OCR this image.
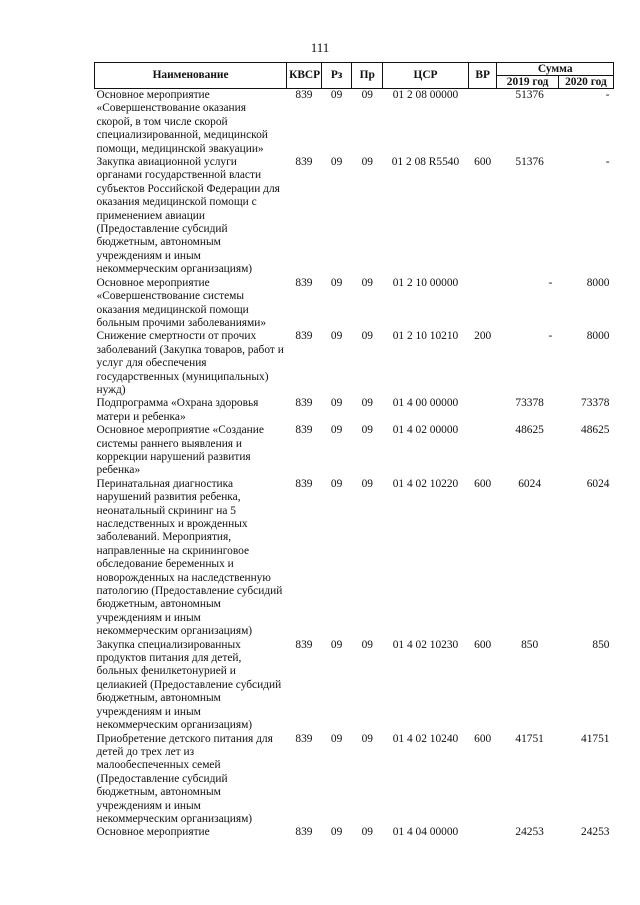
111
Наименование	КВСР	Рз	Пр	ЦСР	ВР	Сумма	
						2019 год	2020 год
Основное мероприятие «Совершенствование оказания скорой, в том числе скорой специализированной, медицинской помощи, медицинской эвакуации»	839	09	09	01 2 08 00000		51376	-
Закупка авиационной услуги органами государственной власти субъектов Российской Федерации для оказания медицинской помощи с применением авиации (Предоставление субсидий бюджетным, автономным учреждениям и иным некоммерческим организациям)	839	09	09	01 2 08 R5540	600	51376	-
Основное мероприятие «Совершенствование системы оказания медицинской помощи больным прочими заболеваниями»	839	09	09	01 2 10 00000		-	8000
Снижение смертности от прочих заболеваний (Закупка товаров, работ и услуг для обеспечения государственных (муниципальных) нужд)	839	09	09	01 2 10 10210	200	-	8000
Подпрограмма «Охрана здоровья матери и ребенка»	839	09	09	01 4 00 00000		73378	73378
Основное мероприятие «Создание системы раннего выявления и коррекции нарушений развития ребенка»	839	09	09	01 4 02 00000		48625	48625
Перинатальная диагностика нарушений развития ребенка, неонатальный скрининг на 5 наследственных и врожденных заболеваний. Мероприятия, направленные на скрининговое обследование беременных и новорожденных на наследственную патологию (Предоставление субсидий бюджетным, автономным учреждениям и иным некоммерческим организациям)	839	09	09	01 4 02 10220	600	6024	6024
Закупка специализированных продуктов питания для детей, больных фенилкетонурией и целиакией (Предоставление субсидий бюджетным, автономным учреждениям и иным некоммерческим организациям)	839	09	09	01 4 02 10230	600	850	850
Приобретение детского питания для детей до трех лет из малообеспеченных семей (Предоставление субсидий бюджетным, автономным учреждениям и иным некоммерческим организациям)	839	09	09	01 4 02 10240	600	41751	41751
Основное мероприятие	839	09	09	01 4 04 00000		24253	24253
